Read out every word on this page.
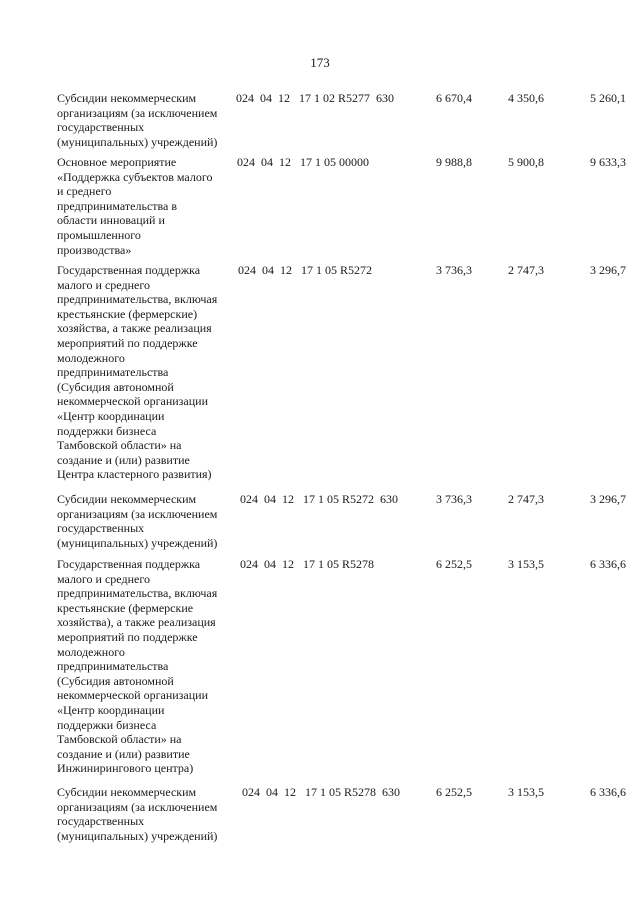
173
Субсидии некоммерческим
организациям (за исключением
государственных
(муниципальных) учреждений)
024  04  12   17 1 02 R5277  630	6 670,4	4 350,6	5 260,1
Основное мероприятие
«Поддержка субъектов малого
и среднего
предпринимательства в
области инноваций и
промышленного
производства»
024  04  12   17 1 05 00000	9 988,8	5 900,8	9 633,3
Государственная поддержка
малого и среднего
предпринимательства, включая
крестьянские (фермерские)
хозяйства, а также реализация
мероприятий по поддержке
молодежного
предпринимательства
(Субсидия автономной
некоммерческой организации
«Центр координации
поддержки бизнеса
Тамбовской области» на
создание и (или) развитие
Центра кластерного развития)
024  04  12   17 1 05 R5272	3 736,3	2 747,3	3 296,7
Субсидии некоммерческим
организациям (за исключением
государственных
(муниципальных) учреждений)
024  04  12   17 1 05 R5272  630	3 736,3	2 747,3	3 296,7
Государственная поддержка
малого и среднего
предпринимательства, включая
крестьянские (фермерские
хозяйства), а также реализация
мероприятий по поддержке
молодежного
предпринимательства
(Субсидия автономной
некоммерческой организации
«Центр координации
поддержки бизнеса
Тамбовской области» на
создание и (или) развитие
Инжинирингового центра)
024  04  12   17 1 05 R5278	6 252,5	3 153,5	6 336,6
Субсидии некоммерческим
организациям (за исключением
государственных
(муниципальных) учреждений)
024  04  12   17 1 05 R5278  630	6 252,5	3 153,5	6 336,6
